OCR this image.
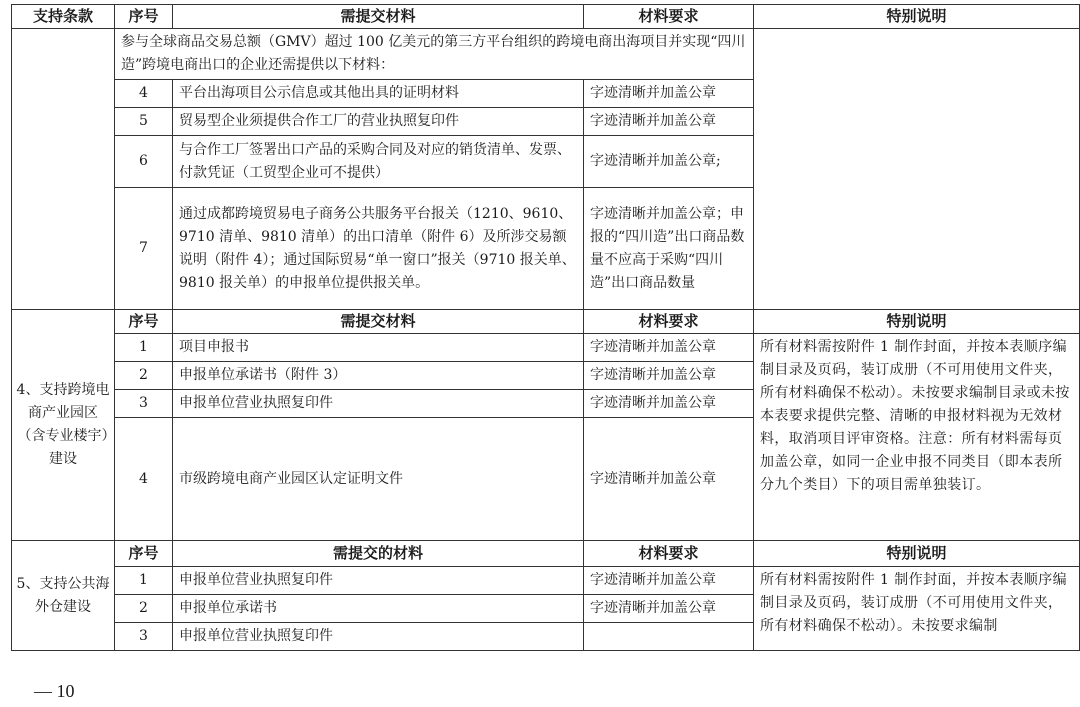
支持条款	序号	需提交材料	材料要求	特别说明
	参与全球商品交易总额（GMV）超过 100 亿美元的第三方平台组织的跨境电商出海项目并实现“四川造”跨境电商出口的企业还需提供以下材料：			
	4	平台出海项目公示信息或其他出具的证明材料	字迹清晰并加盖公章	
	5	贸易型企业须提供合作工厂的营业执照复印件	字迹清晰并加盖公章	
	6	与合作工厂签署出口产品的采购合同及对应的销货清单、发票、付款凭证（工贸型企业可不提供）	字迹清晰并加盖公章;	
	7	通过成都跨境贸易电子商务公共服务平台报关（1210、9610、9710 清单、9810 清单）的出口清单（附件 6）及所涉交易额说明（附件 4）；通过国际贸易“单一窗口”报关（9710 报关单、9810 报关单）的申报单位提供报关单。	字迹清晰并加盖公章；申报的“四川造”出口商品数量不应高于采购“四川造”出口商品数量	
4、支持跨境电商产业园区（含专业楼宇）建设	序号	需提交材料	材料要求	特别说明
	1	项目申报书	字迹清晰并加盖公章	所有材料需按附件 1 制作封面，并按本表顺序编制目录及页码，装订成册（不可用使用文件夹，所有材料确保不松动）。未按要求编制目录或未按本表要求提供完整、清晰的申报材料视为无效材料，取消项目评审资格。注意：所有材料需每页加盖公章，如同一企业申报不同类目（即本表所分九个类目）下的项目需单独装订。
	2	申报单位承诺书（附件 3）	字迹清晰并加盖公章	
	3	申报单位营业执照复印件	字迹清晰并加盖公章	
	4	市级跨境电商产业园区认定证明文件	字迹清晰并加盖公章	
5、支持公共海外仓建设	序号	需提交的材料	材料要求	特别说明
	1	申报单位营业执照复印件	字迹清晰并加盖公章	所有材料需按附件 1 制作封面，并按本表顺序编制目录及页码，装订成册（不可用使用文件夹，所有材料确保不松动）。未按要求编制
	2	申报单位承诺书	字迹清晰并加盖公章	
	3	申报单位营业执照复印件		
— 10
